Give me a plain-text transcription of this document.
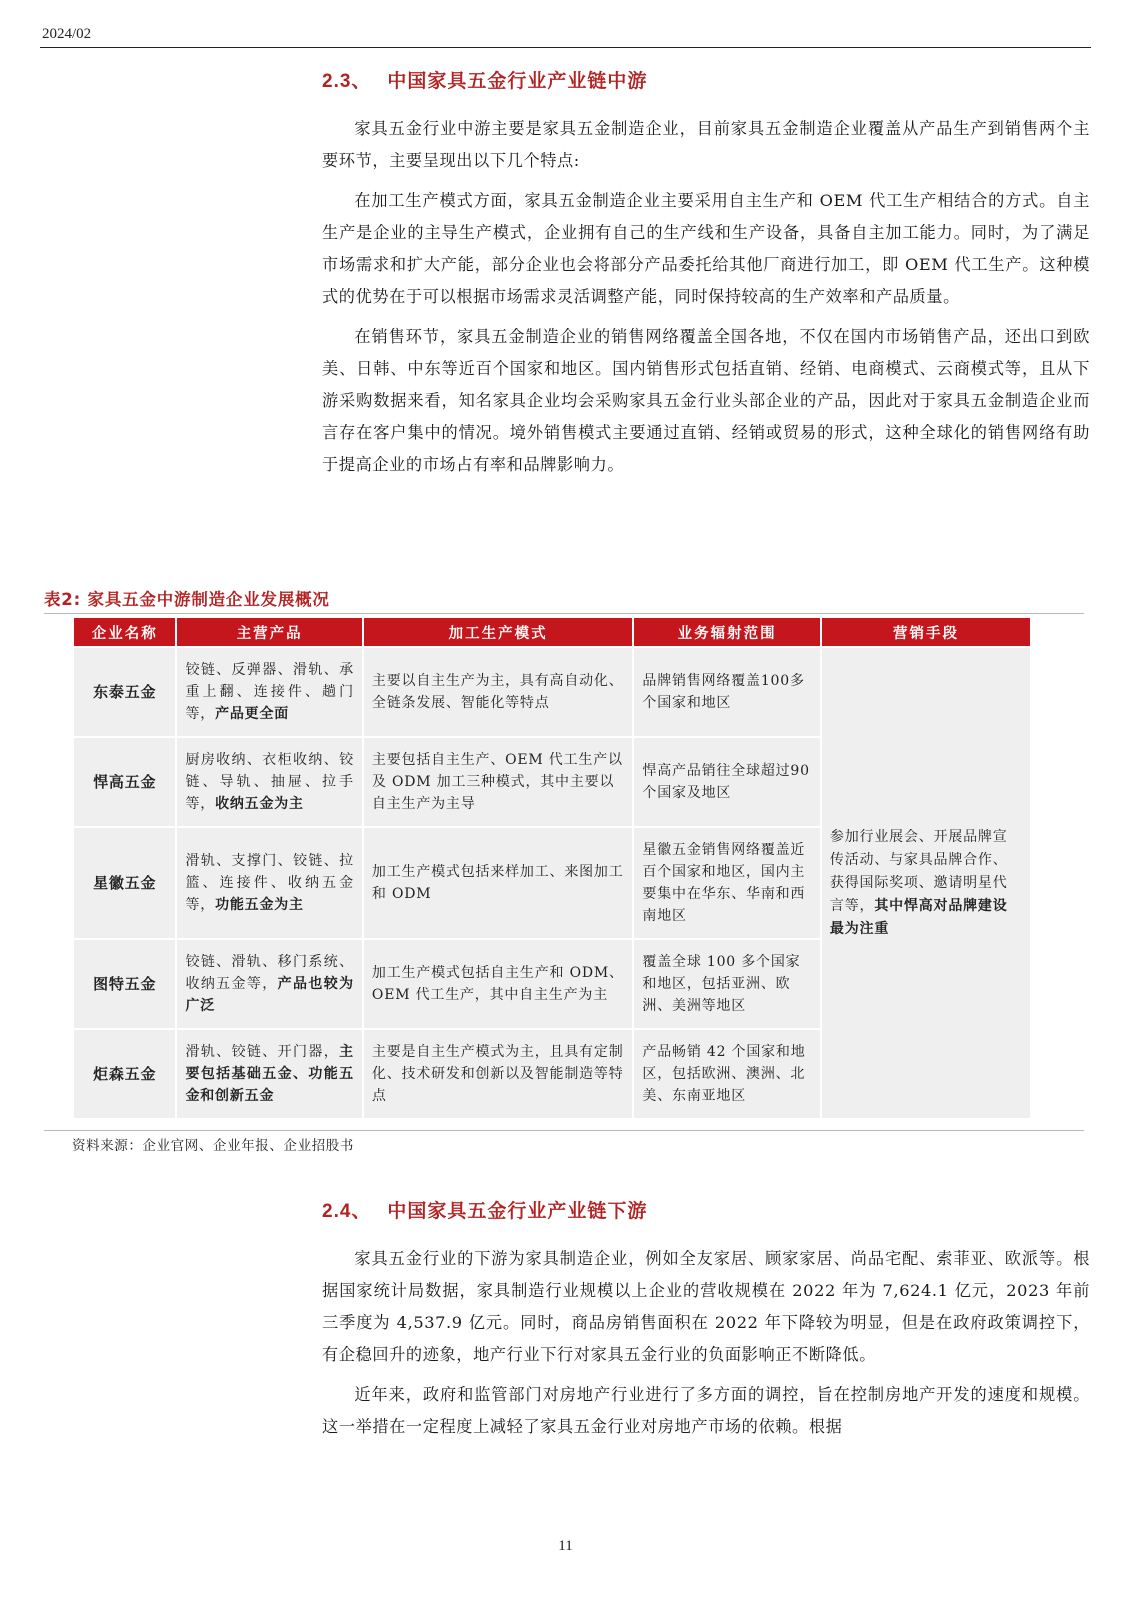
2024/02
2.3、 中国家具五金行业产业链中游

家具五金行业中游主要是家具五金制造企业，目前家具五金制造企业覆盖从产品生产到销售两个主要环节，主要呈现出以下几个特点:

在加工生产模式方面，家具五金制造企业主要采用自主生产和 OEM 代工生产相结合的方式。自主生产是企业的主导生产模式，企业拥有自己的生产线和生产设备，具备自主加工能力。同时，为了满足市场需求和扩大产能，部分企业也会将部分产品委托给其他厂商进行加工，即 OEM 代工生产。这种模式的优势在于可以根据市场需求灵活调整产能，同时保持较高的生产效率和产品质量。

在销售环节，家具五金制造企业的销售网络覆盖全国各地，不仅在国内市场销售产品，还出口到欧美、日韩、中东等近百个国家和地区。国内销售形式包括直销、经销、电商模式、云商模式等，且从下游采购数据来看，知名家具企业均会采购家具五金行业头部企业的产品，因此对于家具五金制造企业而言存在客户集中的情况。境外销售模式主要通过直销、经销或贸易的形式，这种全球化的销售网络有助于提高企业的市场占有率和品牌影响力。

表2: 家具五金中游制造企业发展概况
企业名称	主营产品	加工生产模式	业务辐射范围	营销手段
东泰五金	铰链、反弹器、滑轨、承重上翻、连接件、趟门等，产品更全面	主要以自主生产为主，具有高自动化、全链条发展、智能化等特点	品牌销售网络覆盖100多个国家和地区	参加行业展会、开展品牌宣传活动、与家具品牌合作、获得国际奖项、邀请明星代言等，其中悍高对品牌建设最为注重
悍高五金	厨房收纳、衣柜收纳、铰链、导轨、抽屉、拉手等，收纳五金为主	主要包括自主生产、OEM 代工生产以及 ODM 加工三种模式，其中主要以自主生产为主导	悍高产品销往全球超过90个国家及地区	
星徽五金	滑轨、支撑门、铰链、拉篮、连接件、收纳五金等，功能五金为主	加工生产模式包括来样加工、来图加工和 ODM	星徽五金销售网络覆盖近百个国家和地区，国内主要集中在华东、华南和西南地区	
图特五金	铰链、滑轨、移门系统、收纳五金等，产品也较为广泛	加工生产模式包括自主生产和 ODM、OEM 代工生产，其中自主生产为主	覆盖全球 100 多个国家和地区，包括亚洲、欧洲、美洲等地区	
炬森五金	滑轨、铰链、开门器，主要包括基础五金、功能五金和创新五金	主要是自主生产模式为主，且具有定制化、技术研发和创新以及智能制造等特点	产品畅销 42 个国家和地区，包括欧洲、澳洲、北美、东南亚地区	
资料来源：企业官网、企业年报、企业招股书
2.4、 中国家具五金行业产业链下游

家具五金行业的下游为家具制造企业，例如全友家居、顾家家居、尚品宅配、索菲亚、欧派等。根据国家统计局数据，家具制造行业规模以上企业的营收规模在 2022 年为 7,624.1 亿元，2023 年前三季度为 4,537.9 亿元。同时，商品房销售面积在 2022 年下降较为明显，但是在政府政策调控下，有企稳回升的迹象，地产行业下行对家具五金行业的负面影响正不断降低。

近年来，政府和监管部门对房地产行业进行了多方面的调控，旨在控制房地产开发的速度和规模。这一举措在一定程度上减轻了家具五金行业对房地产市场的依赖。根据

11
